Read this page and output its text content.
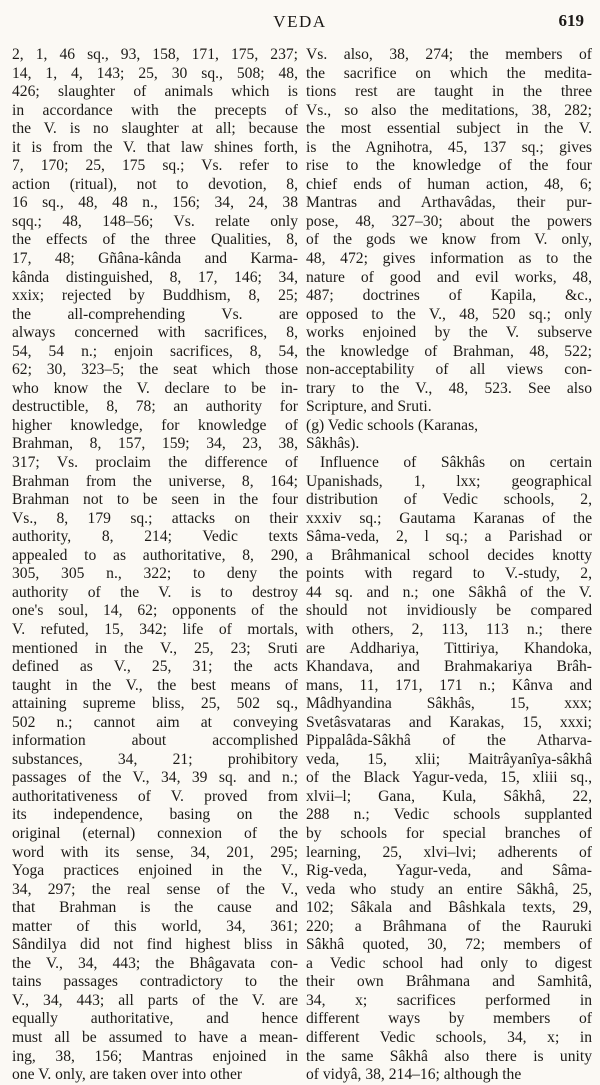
VEDA	619
2, 1, 46 sq., 93, 158, 171, 175, 237;
14, 1, 4, 143; 25, 30 sq., 508; 48,
426; slaughter of animals which is
in accordance with the precepts of
the V. is no slaughter at all; because
it is from the V. that law shines forth,
7, 170; 25, 175 sq.; Vs. refer to
action (ritual), not to devotion, 8,
16 sq., 48, 48 n., 156; 34, 24, 38
sqq.; 48, 148–56; Vs. relate only
the effects of the three Qualities, 8,
17, 48; Gñâna-kânda and Karma-
kânda distinguished, 8, 17, 146; 34,
xxix; rejected by Buddhism, 8, 25;
the all-comprehending Vs. are
always concerned with sacrifices, 8,
54, 54 n.; enjoin sacrifices, 8, 54,
62; 30, 323–5; the seat which those
who know the V. declare to be in-
destructible, 8, 78; an authority for
higher knowledge, for knowledge of
Brahman, 8, 157, 159; 34, 23, 38,
317; Vs. proclaim the difference of
Brahman from the universe, 8, 164;
Brahman not to be seen in the four
Vs., 8, 179 sq.; attacks on their
authority, 8, 214; Vedic texts
appealed to as authoritative, 8, 290,
305, 305 n., 322; to deny the
authority of the V. is to destroy
one's soul, 14, 62; opponents of the
V. refuted, 15, 342; life of mortals,
mentioned in the V., 25, 23; Sruti
defined as V., 25, 31; the acts
taught in the V., the best means of
attaining supreme bliss, 25, 502 sq.,
502 n.; cannot aim at conveying
information about accomplished
substances, 34, 21; prohibitory
passages of the V., 34, 39 sq. and n.;
authoritativeness of V. proved from
its independence, basing on the
original (eternal) connexion of the
word with its sense, 34, 201, 295;
Yoga practices enjoined in the V.,
34, 297; the real sense of the V.,
that Brahman is the cause and
matter of this world, 34, 361;
Sândilya did not find highest bliss in
the V., 34, 443; the Bhâgavata con-
tains passages contradictory to the
V., 34, 443; all parts of the V. are
equally authoritative, and hence
must all be assumed to have a mean-
ing, 38, 156; Mantras enjoined in
one V. only, are taken over into other
Vs. also, 38, 274; the members of
the sacrifice on which the medita-
tions rest are taught in the three
Vs., so also the meditations, 38, 282;
the most essential subject in the V.
is the Agnihotra, 45, 137 sq.; gives
rise to the knowledge of the four
chief ends of human action, 48, 6;
Mantras and Arthavâdas, their pur-
pose, 48, 327–30; about the powers
of the gods we know from V. only,
48, 472; gives information as to the
nature of good and evil works, 48,
487; doctrines of Kapila, &c.,
opposed to the V., 48, 520 sq.; only
works enjoined by the V. subserve
the knowledge of Brahman, 48, 522;
non-acceptability of all views con-
trary to the V., 48, 523. See also
Scripture, and Sruti.
(g) Vedic schools (Karanas,
Sâkhâs).
Influence of Sâkhâs on certain
Upanishads, 1, lxx; geographical
distribution of Vedic schools, 2,
xxxiv sq.; Gautama Karanas of the
Sâma-veda, 2, l sq.; a Parishad or
a Brâhmanical school decides knotty
points with regard to V.-study, 2,
44 sq. and n.; one Sâkhâ of the V.
should not invidiously be compared
with others, 2, 113, 113 n.; there
are Addhariya, Tittiriya, Khandoka,
Khandava, and Brahmakariya Brâh-
mans, 11, 171, 171 n.; Kânva and
Mâdhyandina Sâkhâs, 15, xxx;
Svetâsvataras and Karakas, 15, xxxi;
Pippalâda-Sâkhâ of the Atharva-
veda, 15, xlii; Maitrâyanîya-sâkhâ
of the Black Yagur-veda, 15, xliii sq.,
xlvii–l; Gana, Kula, Sâkhâ, 22,
288 n.; Vedic schools supplanted
by schools for special branches of
learning, 25, xlvi–lvi; adherents of
Rig-veda, Yagur-veda, and Sâma-
veda who study an entire Sâkhâ, 25,
102; Sâkala and Bâshkala texts, 29,
220; a Brâhmana of the Rauruki
Sâkhâ quoted, 30, 72; members of
a Vedic school had only to digest
their own Brâhmana and Samhitâ,
34, x; sacrifices performed in
different ways by members of
different Vedic schools, 34, x; in
the same Sâkhâ also there is unity
of vidyâ, 38, 214–16; although the
